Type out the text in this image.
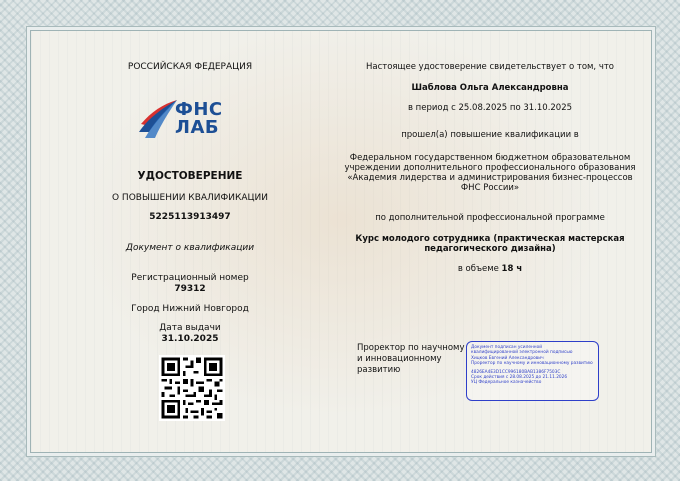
РОССИЙСКАЯ ФЕДЕРАЦИЯ
ФНС
ЛАБ
УДОСТОВЕРЕНИЕ
О ПОВЫШЕНИИ КВАЛИФИКАЦИИ
5225113913497
Документ о квалификации
Регистрационный номер
79312
Город Нижний Новгород
Дата выдачи
31.10.2025
Настоящее удостоверение свидетельствует о том, что
Шаблова Ольга Александровна
в период с 25.08.2025 по 31.10.2025
прошел(а) повышение квалификации в
Федеральном государственном бюджетном образовательном
учреждении дополнительного профессионального образования
«Академия лидерства и администрирования бизнес-процессов
ФНС России»
по дополнительной профессиональной программе
Курс молодого сотрудника (практическая мастерская
педагогического дизайна)
в объеме 18 ч
Проректор по научному
и инновационному
развитию
Документ подписан усиленной
квалифицированной электронной подписью
Хицков Евгений Александрович
Проректор по научному и инновационному развитию
4826EA4E3D1CC996180BAB1386F7503C
Срок действия с 28.08.2025 до 21.11.2026
УЦ Федеральное казначейство
